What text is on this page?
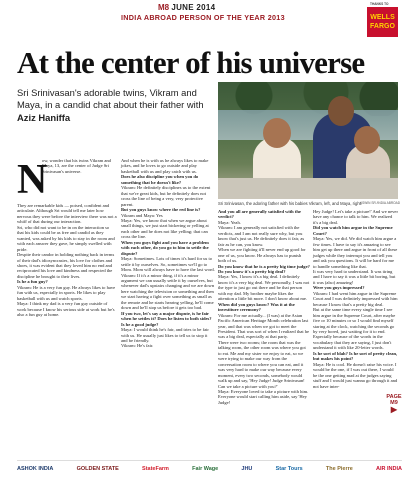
M8 JUNE 2014
INDIA ABROAD PERSON OF THE YEAR 2013
THANKS TO
WELLS
FARGO
At the center of his universe
Sri Srinivasan's adorable twins, Vikram and Maya, in a candid chat about their father with Aziz Haniffa
Sri Srinivasan, the adoring father with his babies Vikram, left, and Maya, right.
ASWIN SR /INDIA ABROAD
N
ow, wonder that his twins Vikram and Maya, 13, are the center of Judge Sri Srinivasan's universe.

They are remarkable kids — poised, confident and articulate. Although Sri would tell me later how nervous they were before the interview there was not a whiff of that during our interaction.

Sri, who did not want to be in on the interaction so that his kids could be as free and candid as they wanted, was asked by his kids to stay in the room and with each answer they gave, he simply swelled with pride.

Despite their candor in holding nothing back in terms of their dad's idiosyncrasies, his love for clothes and shoes, it was evident that they loved him no end and reciprocated his love and kindness and respected the discipline he brought to their lives.

Is he a fun guy?

Vikram: He is a very fun guy. He always likes to have fun with us, especially in sports. He likes to play basketball with us and watch sports.

Maya: I think my dad is a very fun guy outside of work because I know his serious side at work but he's also a fun guy at home.

And when he is with us he always likes to make jokes, and he loves to go outside and play basketball with us and play catch with us.

Does he also discipline you when you do something that he doesn't like?

Vikram: He definitely disciplines us to the extent that we're great kids, but he definitely does not cross the line of being a very, very protective parent.

But you guys know where the red line is?

Vikram and Maya: Yes

Maya: Yes, we know that when we argue about small things, we just start bickering or yelling at each other and he does not like yelling; that can cross the line.

When you guys fight and you have a problem with each other, do you go to him to settle the dispute?

Maya: Sometimes. Lots of times it's hard for us to settle it by ourselves. So, sometimes we'll go to Mom. Mom will always have to have the last word.

Vikram: If it's a minor thing, if it's a minor argument we can usually settle it by ourselves, but whenever dad's upstairs changing and we are down here watching the television or something and then we start having a fight over something as small as the remote and he starts hearing yelling, he'll come down and he'll stop us before it gets too bad.

If you two, let's say a major dispute, is he fair when he settles it? Does he listen to both sides? Is he a good judge?

Maya: I would think he's fair, and tries to be fair with us. He usually just likes to tell us to stop it and be friendly.

Vikram: He's fair.

And you all are generally satisfied with the verdict?

Maya: Yeah.

Vikram: I am generally not satisfied with the verdicts, and I am not really sure why, but you know that's just us. He definitely does it fair, as fair as he can, you know.

When we are fighting it'll never end up good for one of us, you know. He always has to punish both of us.

Do you know that he is a pretty big time judge? Do you know it's a pretty big deal?

Maya: Yes, I know it's a big deal. I definitely know it's a very big deal. We personally, I was not the type to just go out there and be that person with my dad. My brother maybe likes the attention a little bit more. I don't know about me.

When did you guys know? Was it at the investiture ceremony?

Vikram: For me actually... (I was) at the Asian Pacific American Heritage Month celebration last year, and that was when we got to meet the President. That was sort of when I realized that he was a big deal, especially at that party.

There were two rooms; the room that was the talking room, the other room was where you got to eat. Me and my sister we enjoy to eat, so we were trying to make our way from the conversation room to where you can eat, and it was very hard to make our way because every moment, every two seconds, somebody would walk up and say, 'Hey Judge! Judge Srinivasan! Can we take a picture with you?'

Maya: Everyone loved to take a picture with him. Everyone would start calling him aside, say 'Hey Judge!

Hey Judge! Let's take a picture!' And we never have any chance to talk to him. We realized it's a big deal.

Did you watch him argue in the Supreme Court?

Maya: Yes, we did. We did watch him argue a few times. I have to say it's amazing to see him get up there and argue in front of all these judges while they interrupt you and tell you and ask you questions. It will be hard for me to handle something like that.

It was very hard to understand. It was tiring and I have to say it was a little bit boring, but it was (also) amazing!

Were you guys impressed?

Vikram: I had went him argue in the Supreme Court and I was definitely impressed with him because I know that's a pretty big deal.

But at the same time every single time I see him argue in the Supreme Court, after maybe five or 10 minutes or so I would find myself staring at the clock, watching the seconds go by very bored, just waiting for it to end.

Especially because of the words in the vocabulary that they are saying, I just don't understand it with like 20-letter words.

Is he sort of blah? Is he sort of pretty clean, but makes his point?

Maya: He is cool. He doesn't raise his voice. I would be the one, if I was out there, I would be the one getting mad at the judges saying stuff and I would just wanna go through it and not have inter-

PAGE M9
▶
ASHOK INDIA	GOLDEN STATE	StateFarm	Fair Wage	JHU	Star Tours	The Pierre	AIR INDIA
